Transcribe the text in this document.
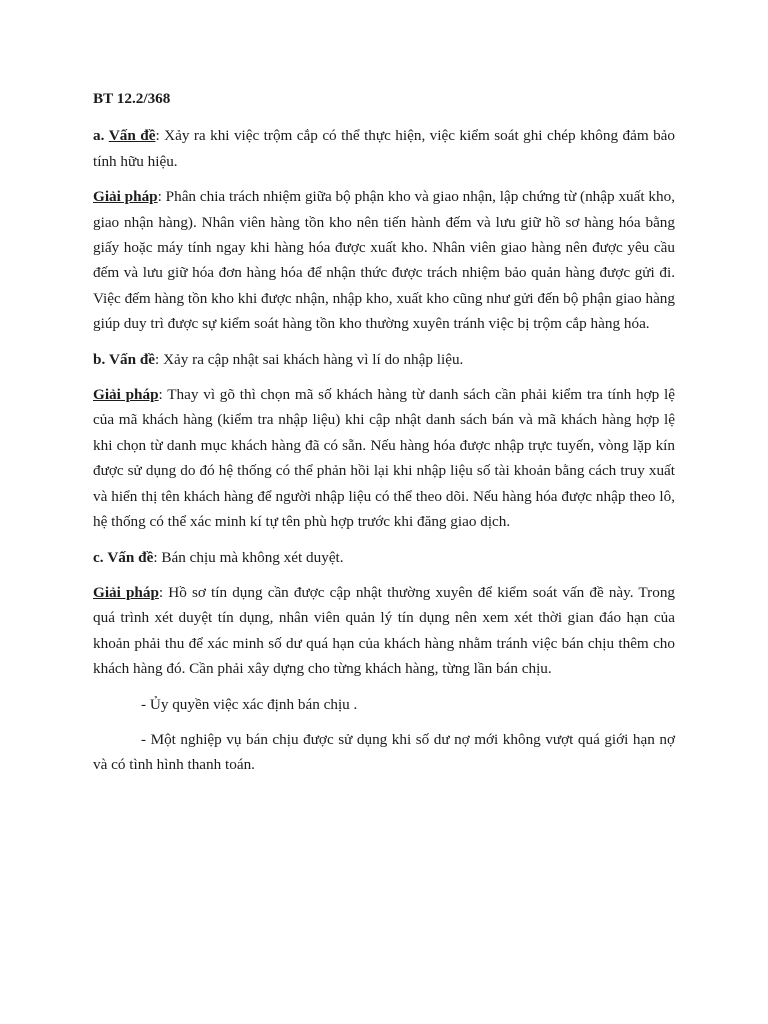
BT 12.2/368

a. Vấn đề: Xảy ra khi việc trộm cắp có thể thực hiện, việc kiểm soát ghi chép không đảm bảo tính hữu hiệu.

Giải pháp: Phân chia trách nhiệm giữa bộ phận kho và giao nhận, lập chứng từ (nhập xuất kho, giao nhận hàng). Nhân viên hàng tồn kho nên tiến hành đếm và lưu giữ hồ sơ hàng hóa bằng giấy hoặc máy tính ngay khi hàng hóa được xuất kho. Nhân viên giao hàng nên được yêu cầu đếm và lưu giữ hóa đơn hàng hóa để nhận thức được trách nhiệm bảo quản hàng được gửi đi. Việc đếm hàng tồn kho khi được nhận, nhập kho, xuất kho cũng như gửi đến bộ phận giao hàng giúp duy trì được sự kiểm soát hàng tồn kho thường xuyên tránh việc bị trộm cắp hàng hóa.

b. Vấn đề: Xảy ra cập nhật sai khách hàng vì lí do nhập liệu.

Giải pháp: Thay vì gõ thì chọn mã số khách hàng từ danh sách cần phải kiểm tra tính hợp lệ của mã khách hàng (kiểm tra nhập liệu) khi cập nhật danh sách bán và mã khách hàng hợp lệ khi chọn từ danh mục khách hàng đã có sẵn. Nếu hàng hóa được nhập trực tuyến, vòng lặp kín được sử dụng do đó hệ thống có thể phản hồi lại khi nhập liệu số tài khoản bằng cách truy xuất và hiển thị tên khách hàng để người nhập liệu có thể theo dõi. Nếu hàng hóa được nhập theo lô, hệ thống có thể xác minh kí tự tên phù hợp trước khi đăng giao dịch.

c. Vấn đề: Bán chịu mà không xét duyệt.

Giải pháp: Hồ sơ tín dụng cần được cập nhật thường xuyên để kiểm soát vấn đề này. Trong quá trình xét duyệt tín dụng, nhân viên quản lý tín dụng nên xem xét thời gian đáo hạn của khoản phải thu để xác minh số dư quá hạn của khách hàng nhằm tránh việc bán chịu thêm cho khách hàng đó. Cần phải xây dựng cho từng khách hàng, từng lần bán chịu.

- Ủy quyền việc xác định bán chịu .

- Một nghiệp vụ bán chịu được sử dụng khi số dư nợ mới không vượt quá giới hạn nợ và có tình hình thanh toán.
